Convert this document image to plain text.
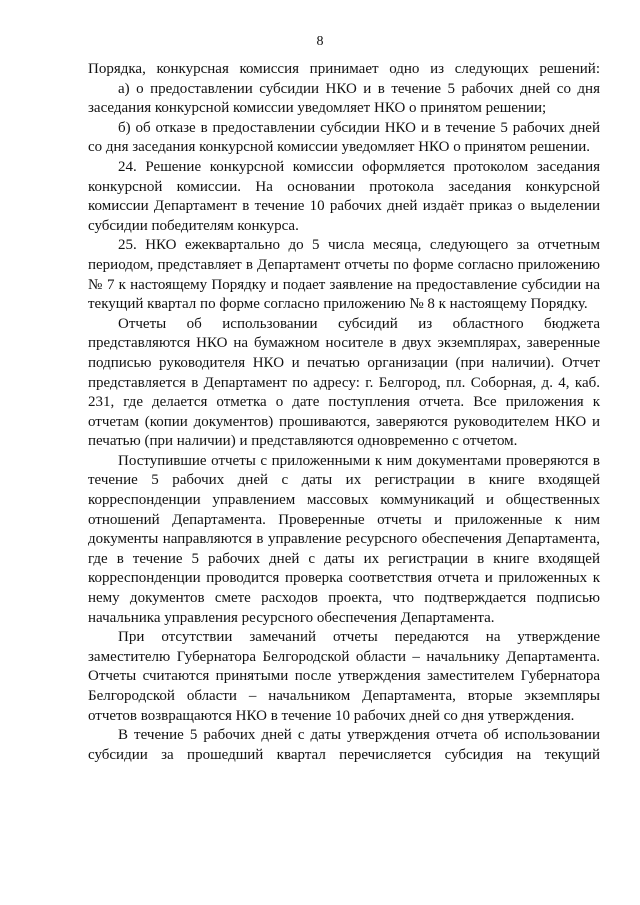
8

Порядка, конкурсная комиссия принимает одно из следующих решений:

а) о предоставлении субсидии НКО и в течение 5 рабочих дней со дня заседания конкурсной комиссии уведомляет НКО о принятом решении;

б) об отказе в предоставлении субсидии НКО и в течение 5 рабочих дней со дня заседания конкурсной комиссии уведомляет НКО о принятом решении.

24. Решение конкурсной комиссии оформляется протоколом заседания конкурсной комиссии. На основании протокола заседания конкурсной комиссии Департамент в течение 10 рабочих дней издаёт приказ о выделении субсидии победителям конкурса.

25. НКО ежеквартально до 5 числа месяца, следующего за отчетным периодом, представляет в Департамент отчеты по форме согласно приложению № 7 к настоящему Порядку и подает заявление на предоставление субсидии на текущий квартал по форме согласно приложению № 8 к настоящему Порядку.

Отчеты об использовании субсидий из областного бюджета представляются НКО на бумажном носителе в двух экземплярах, заверенные подписью руководителя НКО и печатью организации (при наличии). Отчет представляется в Департамент по адресу: г. Белгород, пл. Соборная, д. 4, каб. 231, где делается отметка о дате поступления отчета. Все приложения к отчетам (копии документов) прошиваются, заверяются руководителем НКО и печатью (при наличии) и представляются одновременно с отчетом.

Поступившие отчеты с приложенными к ним документами проверяются в течение 5 рабочих дней с даты их регистрации в книге входящей корреспонденции управлением массовых коммуникаций и общественных отношений Департамента. Проверенные отчеты и приложенные к ним документы направляются в управление ресурсного обеспечения Департамента, где в течение 5 рабочих дней с даты их регистрации в книге входящей корреспонденции проводится проверка соответствия отчета и приложенных к нему документов смете расходов проекта, что подтверждается подписью начальника управления ресурсного обеспечения Департамента.

При отсутствии замечаний отчеты передаются на утверждение заместителю Губернатора Белгородской области – начальнику Департамента. Отчеты считаются принятыми после утверждения заместителем Губернатора Белгородской области – начальником Департамента, вторые экземпляры отчетов возвращаются НКО в течение 10 рабочих дней со дня утверждения.

В течение 5 рабочих дней с даты утверждения отчета об использовании субсидии за прошедший квартал перечисляется субсидия на текущий
